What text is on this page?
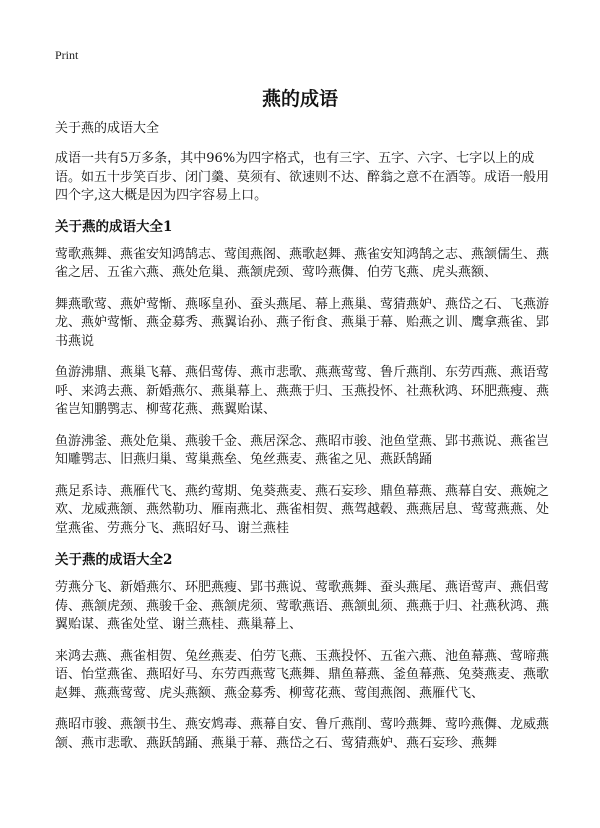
Print
燕的成语

关于燕的成语大全

成语一共有5万多条，其中96%为四字格式，也有三字、五字、六字、七字以上的成语。如五十步笑百步、闭门羹、莫须有、欲速则不达、醉翁之意不在酒等。成语一般用四个字,这大概是因为四字容易上口。

关于燕的成语大全1

莺歌燕舞、燕雀安知鸿鹄志、莺闺燕阁、燕歌赵舞、燕雀安知鸿鹄之志、燕颔儒生、燕雀之居、五雀六燕、燕处危巢、燕颔虎颈、莺吟燕儛、伯劳飞燕、虎头燕额、

舞燕歌莺、燕妒莺惭、燕啄皇孙、蚕头燕尾、幕上燕巢、莺猜燕妒、燕岱之石、飞燕游龙、燕妒莺惭、燕金募秀、燕翼诒孙、燕子衔食、燕巢于幕、贻燕之训、鹰拿燕雀、郢书燕说

鱼游沸鼎、燕巢飞幕、燕侣莺俦、燕市悲歌、燕燕莺莺、鲁斤燕削、东劳西燕、燕语莺呼、来鸿去燕、新婚燕尔、燕巢幕上、燕燕于归、玉燕投怀、社燕秋鸿、环肥燕瘦、燕雀岂知鹏鹗志、柳莺花燕、燕翼贻谋、

鱼游沸釜、燕处危巢、燕骏千金、燕居深念、燕昭市骏、池鱼堂燕、郢书燕说、燕雀岂知雕鹗志、旧燕归巢、莺巢燕垒、兔丝燕麦、燕雀之见、燕跃鹄踊

燕足系诗、燕雁代飞、燕约莺期、兔葵燕麦、燕石妄珍、鼎鱼幕燕、燕幕自安、燕婉之欢、龙威燕颔、燕然勒功、雁南燕北、燕雀相贺、燕驾越毂、燕燕居息、莺莺燕燕、处堂燕雀、劳燕分飞、燕昭好马、谢兰燕桂

关于燕的成语大全2

劳燕分飞、新婚燕尔、环肥燕瘦、郢书燕说、莺歌燕舞、蚕头燕尾、燕语莺声、燕侣莺俦、燕颔虎颈、燕骏千金、燕颔虎须、莺歌燕语、燕颔虬须、燕燕于归、社燕秋鸿、燕翼贻谋、燕雀处堂、谢兰燕桂、燕巢幕上、

来鸿去燕、燕雀相贺、兔丝燕麦、伯劳飞燕、玉燕投怀、五雀六燕、池鱼幕燕、莺啼燕语、怡堂燕雀、燕昭好马、东劳西燕莺飞燕舞、鼎鱼幕燕、釜鱼幕燕、兔葵燕麦、燕歌赵舞、燕燕莺莺、虎头燕额、燕金募秀、柳莺花燕、莺闺燕阁、燕雁代飞、

燕昭市骏、燕颔书生、燕安鸩毒、燕幕自安、鲁斤燕削、莺吟燕舞、莺吟燕儛、龙威燕颔、燕市悲歌、燕跃鹄踊、燕巢于幕、燕岱之石、莺猜燕妒、燕石妄珍、燕舞
